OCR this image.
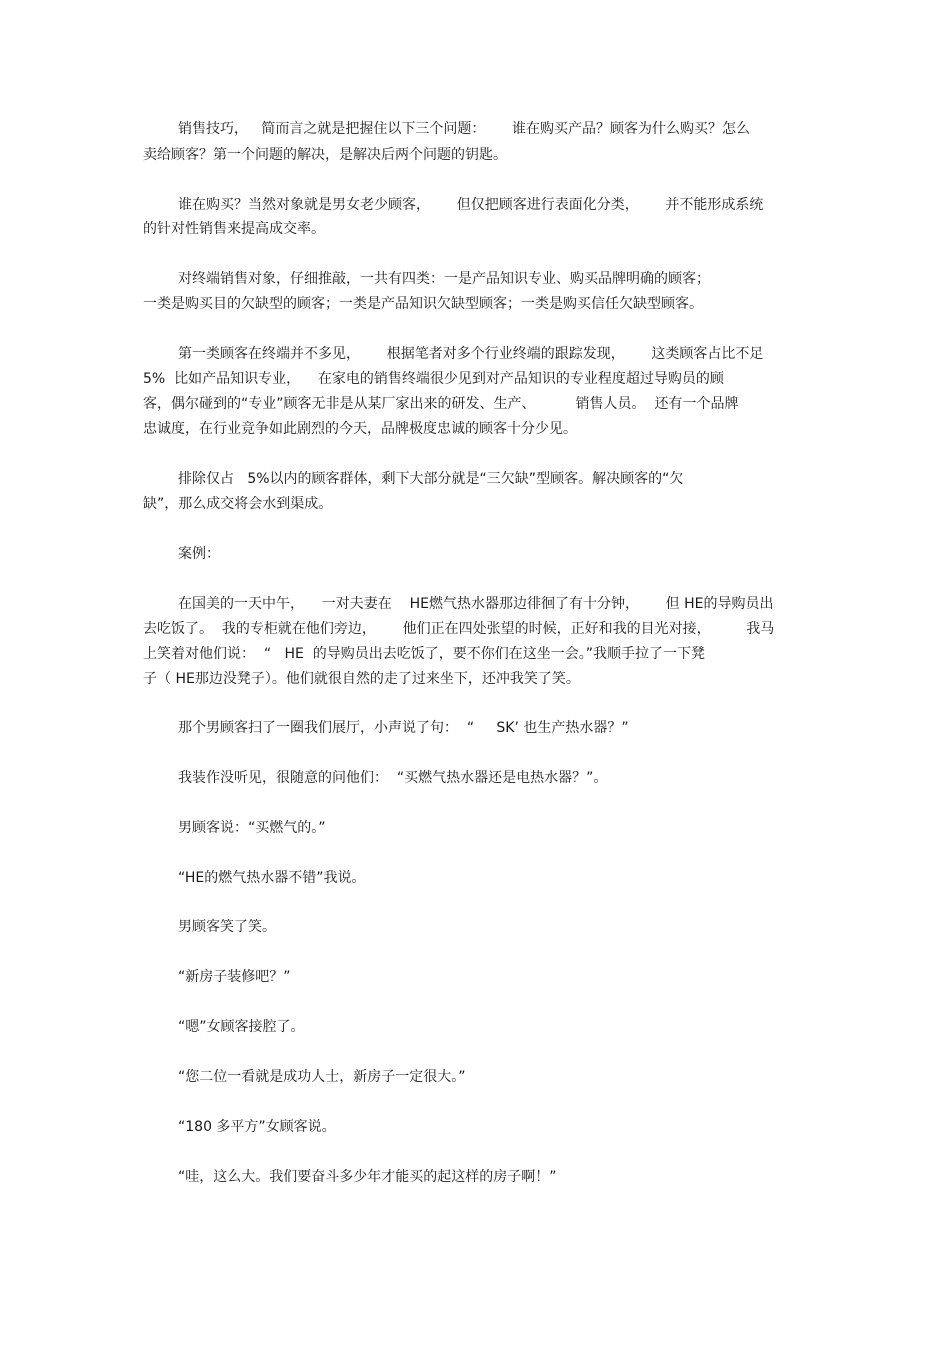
销售技巧，   简而言之就是把握住以下三个问题：      谁在购买产品？顾客为什么购买？怎么

卖给顾客？第一个问题的解决，是解决后两个问题的钥匙。

谁在购买？当然对象就是男女老少顾客，      但仅把顾客进行表面化分类，      并不能形成系统

的针对性销售来提高成交率。

对终端销售对象，仔细推敲，一共有四类：一是产品知识专业、购买品牌明确的顾客；

一类是购买目的欠缺型的顾客；一类是产品知识欠缺型顾客；一类是购买信任欠缺型顾客。

第一类顾客在终端并不多见，      根据笔者对多个行业终端的跟踪发现，      这类顾客占比不足

5%  比如产品知识专业，    在家电的销售终端很少见到对产品知识的专业程度超过导购员的顾

客，偶尔碰到的“专业”顾客无非是从某厂家出来的研发、生产、         销售人员。  还有一个品牌

忠诚度，在行业竞争如此剧烈的今天，品牌极度忠诚的顾客十分少见。

排除仅占   5%以内的顾客群体，剩下大部分就是“三欠缺”型顾客。解决顾客的“欠

缺”，那么成交将会水到渠成。

案例：

在国美的一天中午，    一对夫妻在    HE燃气热水器那边徘徊了有十分钟，      但 HE的导购员出

去吃饭了。  我的专柜就在他们旁边，      他们正在四处张望的时候，正好和我的目光对接，        我马

上笑着对他们说：  “   HE  的导购员出去吃饭了，要不你们在这坐一会。”我顺手拉了一下凳

子（ HE那边没凳子）。他们就很自然的走了过来坐下，还冲我笑了笑。

那个男顾客扫了一圈我们展厅，小声说了句：  “     SK’ 也生产热水器？”

我装作没听见，很随意的问他们：  “买燃气热水器还是电热水器？”。

男顾客说：“买燃气的。”

“HE的燃气热水器不错”我说。

男顾客笑了笑。

“新房子装修吧？”

“嗯”女顾客接腔了。

“您二位一看就是成功人士，新房子一定很大。”

“180 多平方”女顾客说。

“哇，这么大。我们要奋斗多少年才能买的起这样的房子啊！”
